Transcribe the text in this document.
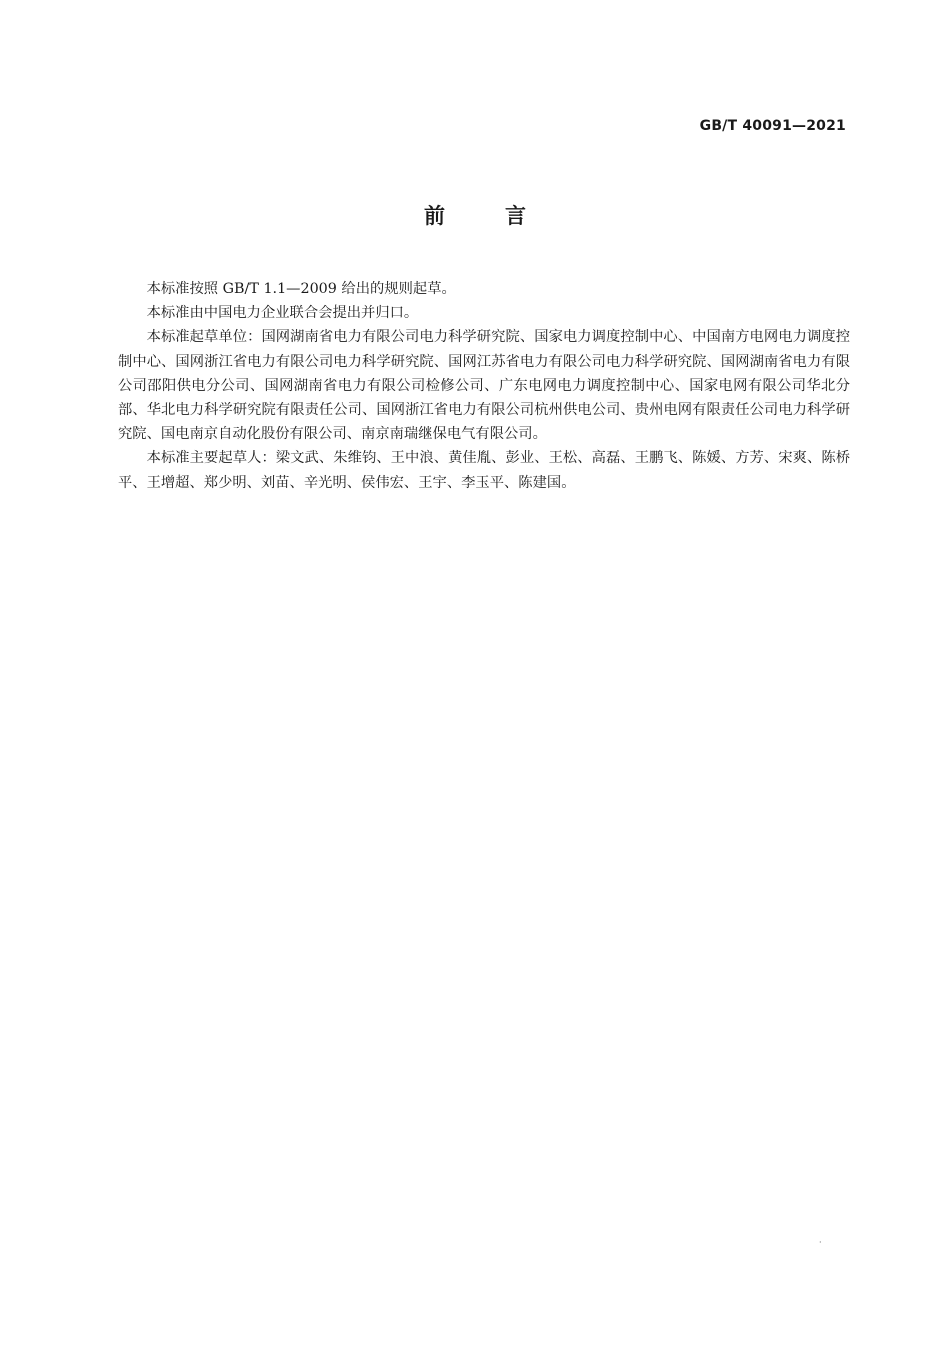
GB/T 40091—2021
前言

本标准按照 GB/T 1.1—2009 给出的规则起草。

本标准由中国电力企业联合会提出并归口。

本标准起草单位：国网湖南省电力有限公司电力科学研究院、国家电力调度控制中心、中国南方电网电力调度控制中心、国网浙江省电力有限公司电力科学研究院、国网江苏省电力有限公司电力科学研究院、国网湖南省电力有限公司邵阳供电分公司、国网湖南省电力有限公司检修公司、广东电网电力调度控制中心、国家电网有限公司华北分部、华北电力科学研究院有限责任公司、国网浙江省电力有限公司杭州供电公司、贵州电网有限责任公司电力科学研究院、国电南京自动化股份有限公司、南京南瑞继保电气有限公司。

本标准主要起草人：梁文武、朱维钧、王中浪、黄佳胤、彭业、王松、高磊、王鹏飞、陈媛、方芳、宋爽、陈桥平、王增超、郑少明、刘苗、辛光明、侯伟宏、王宇、李玉平、陈建国。

·
